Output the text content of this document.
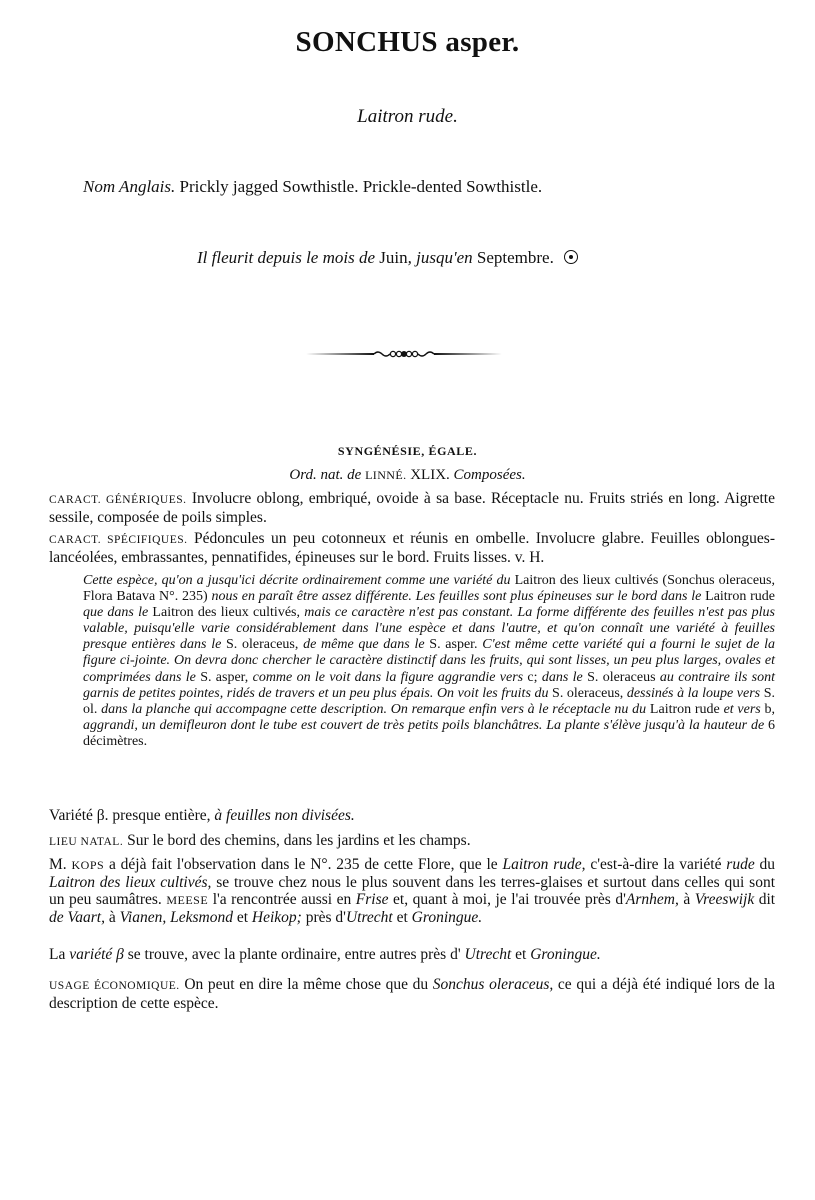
SONCHUS asper.
Laitron rude.
Nom Anglais. Prickly jagged Sowthistle. Prickle-dented Sowthistle.
Il fleurit depuis le mois de Juin, jusqu'en Septembre.
SYNGÉNÉSIE, ÉGALE.
Ord. nat. de LINNÉ. XLIX. Composées.
CARACT. GÉNÉRIQUES. Involucre oblong, embriqué, ovoide à sa base. Réceptacle nu. Fruits striés en long. Aigrette sessile, composée de poils simples.
CARACT. SPÉCIFIQUES. Pédoncules un peu cotonneux et réunis en ombelle. Involucre glabre. Feuilles oblongues-lancéolées, embrassantes, pennatifides, épineuses sur le bord. Fruits lisses. v. H.
Cette espèce, qu'on a jusqu'ici décrite ordinairement comme une variété du Laitron des lieux cultivés (Sonchus oleraceus, Flora Batava N°. 235) nous en paraît être assez différente. Les feuilles sont plus épineuses sur le bord dans le Laitron rude que dans le Laitron des lieux cultivés, mais ce caractère n'est pas constant. La forme différente des feuilles n'est pas plus valable, puisqu'elle varie considérablement dans l'une espèce et dans l'autre, et qu'on connaît une variété à feuilles presque entières dans le S. oleraceus, de même que dans le S. asper. C'est même cette variété qui a fourni le sujet de la figure ci-jointe. On devra donc chercher le caractère distinctif dans les fruits, qui sont lisses, un peu plus larges, ovales et comprimées dans le S. asper, comme on le voit dans la figure aggrandie vers c; dans le S. oleraceus au contraire ils sont garnis de petites pointes, ridés de travers et un peu plus épais. On voit les fruits du S. oleraceus, dessinés à la loupe vers S. ol. dans la planche qui accompagne cette description. On remarque enfin vers à le réceptacle nu du Laitron rude et vers b, aggrandi, un demifleuron dont le tube est couvert de très petits poils blanchâtres. La plante s'élève jusqu'à la hauteur de 6 décimètres.
Variété β. presque entière, à feuilles non divisées.
LIEU NATAL. Sur le bord des chemins, dans les jardins et les champs.
M. KOPS a déjà fait l'observation dans le N°. 235 de cette Flore, que le Laitron rude, c'est-à-dire la variété rude du Laitron des lieux cultivés, se trouve chez nous le plus souvent dans les terres-glaises et surtout dans celles qui sont un peu saumâtres. MEESE l'a rencontrée aussi en Frise et, quant à moi, je l'ai trouvée près d'Arnhem, à Vreeswijk dit de Vaart, à Vianen, Leksmond et Heikop; près d'Utrecht et Groningue.
La variété β se trouve, avec la plante ordinaire, entre autres près d' Utrecht et Groningue.
USAGE ÉCONOMIQUE. On peut en dire la même chose que du Sonchus oleraceus, ce qui a déjà été indiqué lors de la description de cette espèce.
